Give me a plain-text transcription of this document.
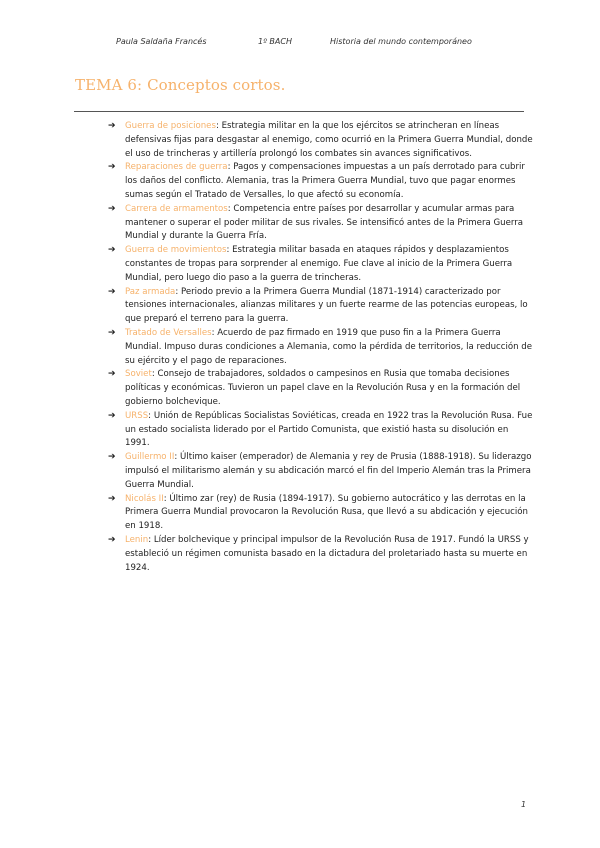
Paula Saldaña Francés	1º BACH	Historia del mundo contemporáneo
TEMA 6: Conceptos cortos.
➔ Guerra de posiciones: Estrategia militar en la que los ejércitos se atrincheran en líneas defensivas fijas para desgastar al enemigo, como ocurrió en la Primera Guerra Mundial, donde el uso de trincheras y artillería prolongó los combates sin avances significativos.
➔ Reparaciones de guerra: Pagos y compensaciones impuestas a un país derrotado para cubrir los daños del conflicto. Alemania, tras la Primera Guerra Mundial, tuvo que pagar enormes sumas según el Tratado de Versalles, lo que afectó su economía.
➔ Carrera de armamentos: Competencia entre países por desarrollar y acumular armas para mantener o superar el poder militar de sus rivales. Se intensificó antes de la Primera Guerra Mundial y durante la Guerra Fría.
➔ Guerra de movimientos: Estrategia militar basada en ataques rápidos y desplazamientos constantes de tropas para sorprender al enemigo. Fue clave al inicio de la Primera Guerra Mundial, pero luego dio paso a la guerra de trincheras.
➔ Paz armada: Periodo previo a la Primera Guerra Mundial (1871-1914) caracterizado por tensiones internacionales, alianzas militares y un fuerte rearme de las potencias europeas, lo que preparó el terreno para la guerra.
➔ Tratado de Versalles: Acuerdo de paz firmado en 1919 que puso fin a la Primera Guerra Mundial. Impuso duras condiciones a Alemania, como la pérdida de territorios, la reducción de su ejército y el pago de reparaciones.
➔ Soviet: Consejo de trabajadores, soldados o campesinos en Rusia que tomaba decisiones políticas y económicas. Tuvieron un papel clave en la Revolución Rusa y en la formación del gobierno bolchevique.
➔ URSS: Unión de Repúblicas Socialistas Soviéticas, creada en 1922 tras la Revolución Rusa. Fue un estado socialista liderado por el Partido Comunista, que existió hasta su disolución en 1991.
➔ Guillermo II: Último kaiser (emperador) de Alemania y rey de Prusia (1888-1918). Su liderazgo impulsó el militarismo alemán y su abdicación marcó el fin del Imperio Alemán tras la Primera Guerra Mundial.
➔ Nicolás II: Último zar (rey) de Rusia (1894-1917). Su gobierno autocrático y las derrotas en la Primera Guerra Mundial provocaron la Revolución Rusa, que llevó a su abdicación y ejecución en 1918.
➔ Lenin: Líder bolchevique y principal impulsor de la Revolución Rusa de 1917. Fundó la URSS y estableció un régimen comunista basado en la dictadura del proletariado hasta su muerte en 1924.
1
